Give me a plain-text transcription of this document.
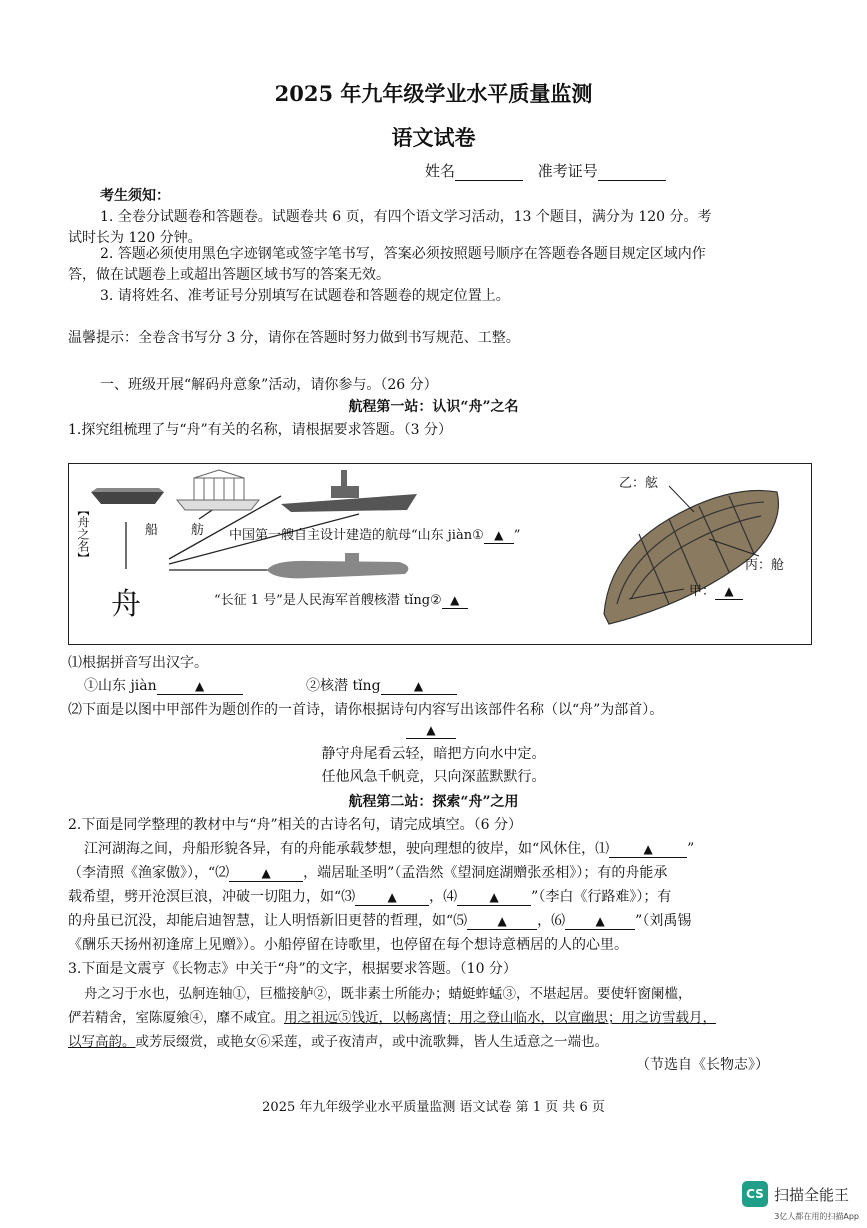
2025 年九年级学业水平质量监测
语文试卷
姓名	准考证号
考生须知：
1. 全卷分试题卷和答题卷。试题卷共 6 页，有四个语文学习活动，13 个题目，满分为 120 分。考
试时长为 120 分钟。
2. 答题必须使用黑色字迹钢笔或签字笔书写，答案必须按照题号顺序在答题卷各题目规定区域内作
答，做在试题卷上或超出答题区域书写的答案无效。
3. 请将姓名、准考证号分别填写在试题卷和答题卷的规定位置上。
温馨提示：全卷含书写分 3 分，请你在答题时努力做到书写规范、工整。
一、班级开展“解码舟意象”活动，请你参与。（26 分）
航程第一站：认识“舟”之名
1.探究组梳理了与“舟”有关的名称，请根据要求答题。（3 分）
【舟之名】
舟
船	舫 中国第一艘自主设计建造的航母“山东 jiàn① ▲ ”
“长征 1 号”是人民海军首艘核潜 tǐng② ▲
乙：舷
丙：舱
甲： ▲
⑴根据拼音写出汉字。
①山东 jiàn	▲	②核潜 tǐng	▲
⑵下面是以图中甲部件为题创作的一首诗，请你根据诗句内容写出该部件名称（以“舟”为部首）。
▲
静守舟尾看云轻，暗把方向水中定。
任他风急千帆竞，只向深蓝默默行。
航程第二站：探索“舟”之用
2.下面是同学整理的教材中与“舟”相关的古诗名句，请完成填空。（6 分）
江河湖海之间，舟船形貌各异，有的舟能承载梦想，驶向理想的彼岸，如“风休住，⑴	▲ ”
（李清照《渔家傲》），“⑵	▲ ，端居耻圣明”（孟浩然《望洞庭湖赠张丞相》）；有的舟能承
载希望，劈开沧溟巨浪，冲破一切阻力，如“⑶	▲ ，⑷	▲ ”（李白《行路难》）；有
的舟虽已沉没，却能启迪智慧，让人明悟新旧更替的哲理，如“⑸	▲ ，⑹	▲ ”（刘禹锡
《酬乐天扬州初逢席上见赠》）。小船停留在诗歌里，也停留在每个想诗意栖居的人的心里。
3.下面是文震亨《长物志》中关于“舟”的文字，根据要求答题。（10 分）
舟之习于水也，弘舸连轴①，巨槛接舻②，既非素士所能办；蜻蜓蚱蜢③，不堪起居。要使轩窗阑槛，
俨若精舍，室陈厦飨④，靡不咸宜。用之祖远⑤饯近，以畅离情；用之登山临水，以宣幽思；用之访雪载月，
以写高韵。或芳辰缀赏，或艳女⑥采莲，或子夜清声，或中流歌舞，皆人生适意之一端也。
（节选自《长物志》）
2025 年九年级学业水平质量监测 语文试卷 第 1 页 共 6 页
CS 扫描全能王
3亿人都在用的扫描App
